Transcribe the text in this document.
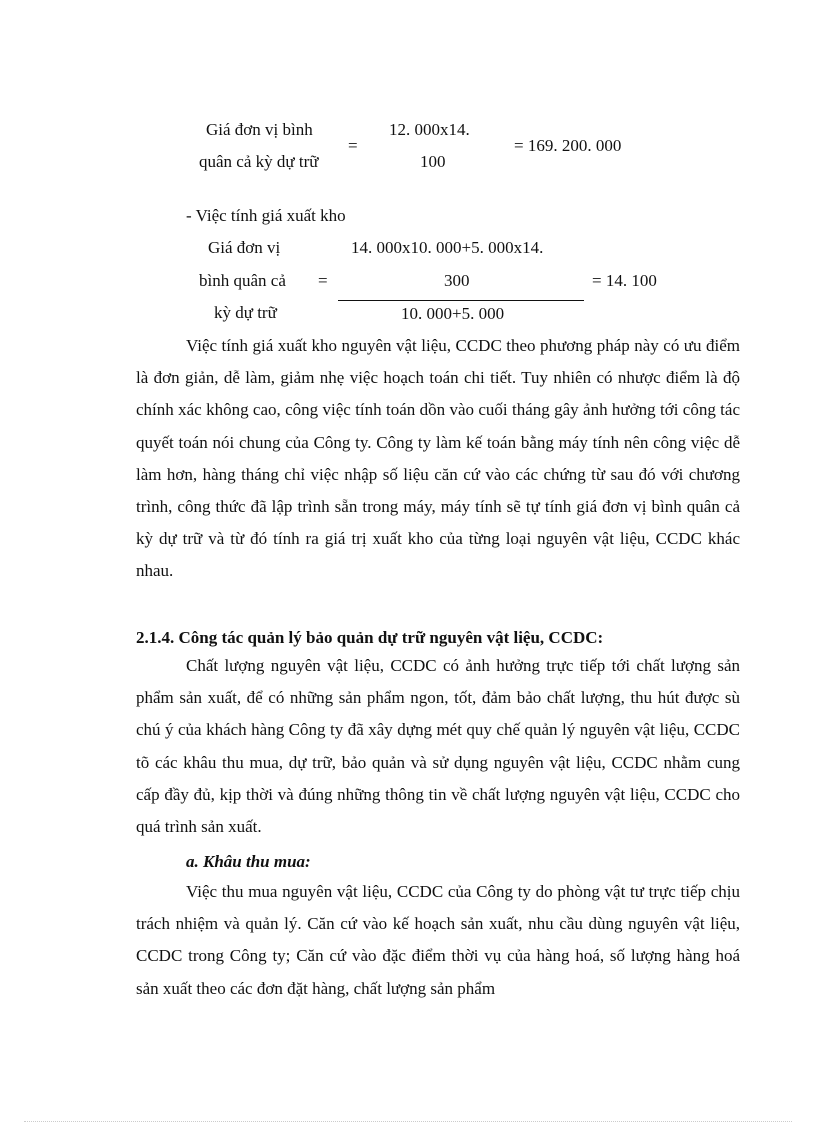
Giá đơn vị bình
quân cả kỳ dự trữ
=
12. 000x14.
100
= 169. 200. 000
- Việc tính giá xuất kho
Giá đơn vị
bình quân cả
kỳ dự trữ
=
14. 000x10. 000+5. 000x14.
300
10. 000+5. 000
= 14. 100

Việc tính giá xuất kho nguyên vật liệu, CCDC theo phương pháp này có ưu điểm là đơn giản, dễ làm, giảm nhẹ việc hoạch toán chi tiết. Tuy nhiên có nhược điểm là độ chính xác không cao, công việc tính toán dồn vào cuối tháng gây ảnh hưởng tới công tác quyết toán nói chung của Công ty. Công ty làm kế toán bằng máy tính nên công việc dễ làm hơn, hàng tháng chỉ việc nhập số liệu căn cứ vào các chứng từ sau đó với chương trình, công thức đã lập trình sẵn trong máy, máy tính sẽ tự tính giá đơn vị bình quân cả kỳ dự trữ và từ đó tính ra giá trị xuất kho của từng loại nguyên vật liệu, CCDC khác nhau.

2.1.4. Công tác quản lý bảo quản dự trữ nguyên vật liệu, CCDC:

Chất lượng nguyên vật liệu, CCDC có ảnh hưởng trực tiếp tới chất lượng sản phẩm sản xuất, để có những sản phẩm ngon, tốt, đảm bảo chất lượng, thu hút được sù chú ý của khách hàng Công ty đã xây dựng mét quy chế quản lý nguyên vật liệu, CCDC tõ các khâu thu mua, dự trữ, bảo quản và sử dụng nguyên vật liệu, CCDC nhằm cung cấp đầy đủ, kịp thời và đúng những thông tin về chất lượng nguyên vật liệu, CCDC cho quá trình sản xuất.

a. Khâu thu mua:

Việc thu mua nguyên vật liệu, CCDC của Công ty do phòng vật tư trực tiếp chịu trách nhiệm và quản lý. Căn cứ vào kế hoạch sản xuất, nhu cầu dùng nguyên vật liệu, CCDC trong Công ty; Căn cứ vào đặc điểm thời vụ của hàng hoá, số lượng hàng hoá sản xuất theo các đơn đặt hàng, chất lượng sản phẩm
